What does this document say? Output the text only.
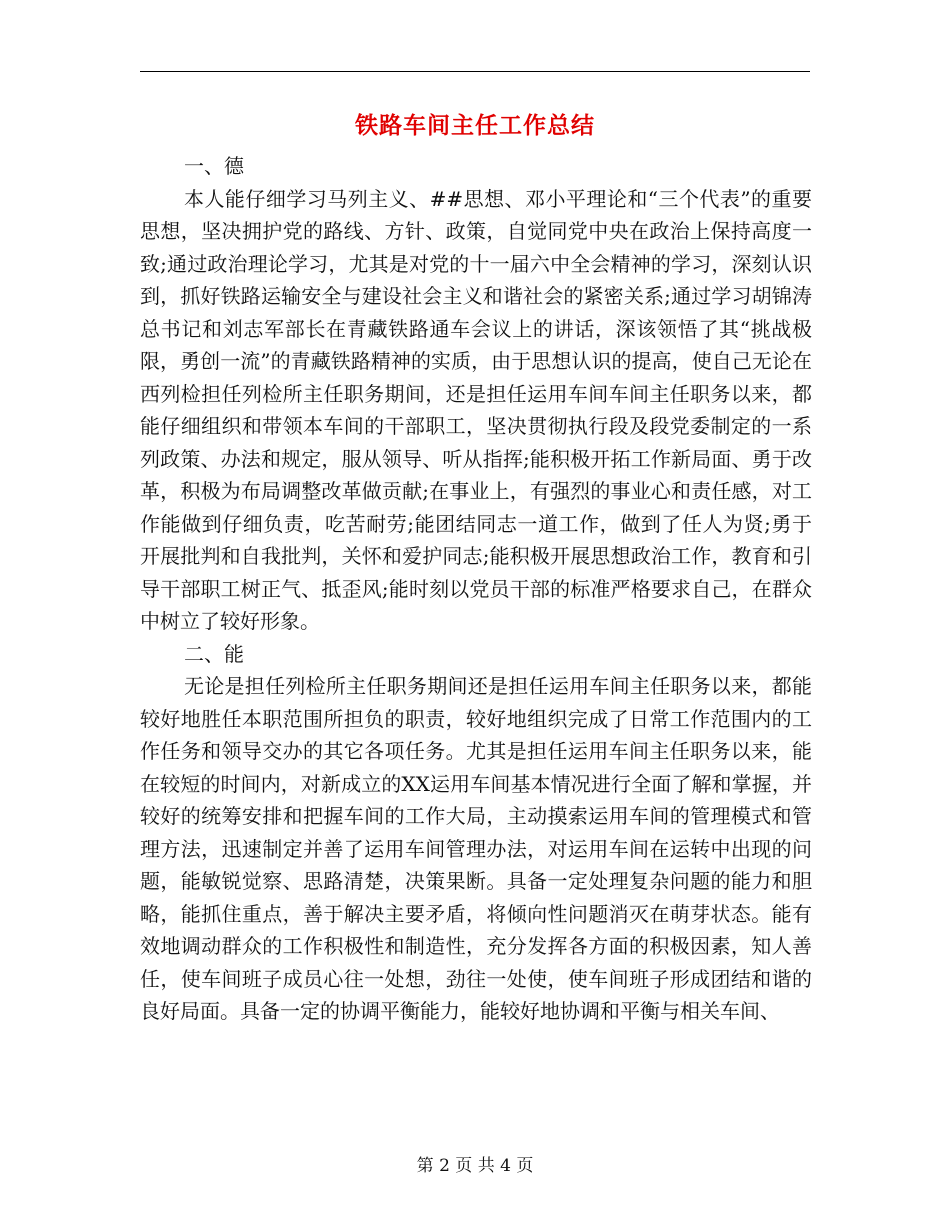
铁路车间主任工作总结

一、德

本人能仔细学习马列主义、##思想、邓小平理论和“三个代表”的重要思想，坚决拥护党的路线、方针、政策，自觉同党中央在政治上保持高度一致;通过政治理论学习，尤其是对党的十一届六中全会精神的学习，深刻认识到，抓好铁路运输安全与建设社会主义和谐社会的紧密关系;通过学习胡锦涛总书记和刘志军部长在青藏铁路通车会议上的讲话，深该领悟了其“挑战极限，勇创一流”的青藏铁路精神的实质，由于思想认识的提高，使自己无论在西列检担任列检所主任职务期间，还是担任运用车间车间主任职务以来，都能仔细组织和带领本车间的干部职工，坚决贯彻执行段及段党委制定的一系列政策、办法和规定，服从领导、听从指挥;能积极开拓工作新局面、勇于改革，积极为布局调整改革做贡献;在事业上，有强烈的事业心和责任感，对工作能做到仔细负责，吃苦耐劳;能团结同志一道工作，做到了任人为贤;勇于开展批判和自我批判，关怀和爱护同志;能积极开展思想政治工作，教育和引导干部职工树正气、抵歪风;能时刻以党员干部的标准严格要求自己，在群众中树立了较好形象。

二、能

无论是担任列检所主任职务期间还是担任运用车间主任职务以来，都能较好地胜任本职范围所担负的职责，较好地组织完成了日常工作范围内的工作任务和领导交办的其它各项任务。尤其是担任运用车间主任职务以来，能在较短的时间内，对新成立的XX运用车间基本情况进行全面了解和掌握，并较好的统筹安排和把握车间的工作大局，主动摸索运用车间的管理模式和管理方法，迅速制定并善了运用车间管理办法，对运用车间在运转中出现的问题，能敏锐觉察、思路清楚，决策果断。具备一定处理复杂问题的能力和胆略，能抓住重点，善于解决主要矛盾，将倾向性问题消灭在萌芽状态。能有效地调动群众的工作积极性和制造性，充分发挥各方面的积极因素，知人善任，使车间班子成员心往一处想，劲往一处使，使车间班子形成团结和谐的良好局面。具备一定的协调平衡能力，能较好地协调和平衡与相关车间、

第 2 页 共 4 页
